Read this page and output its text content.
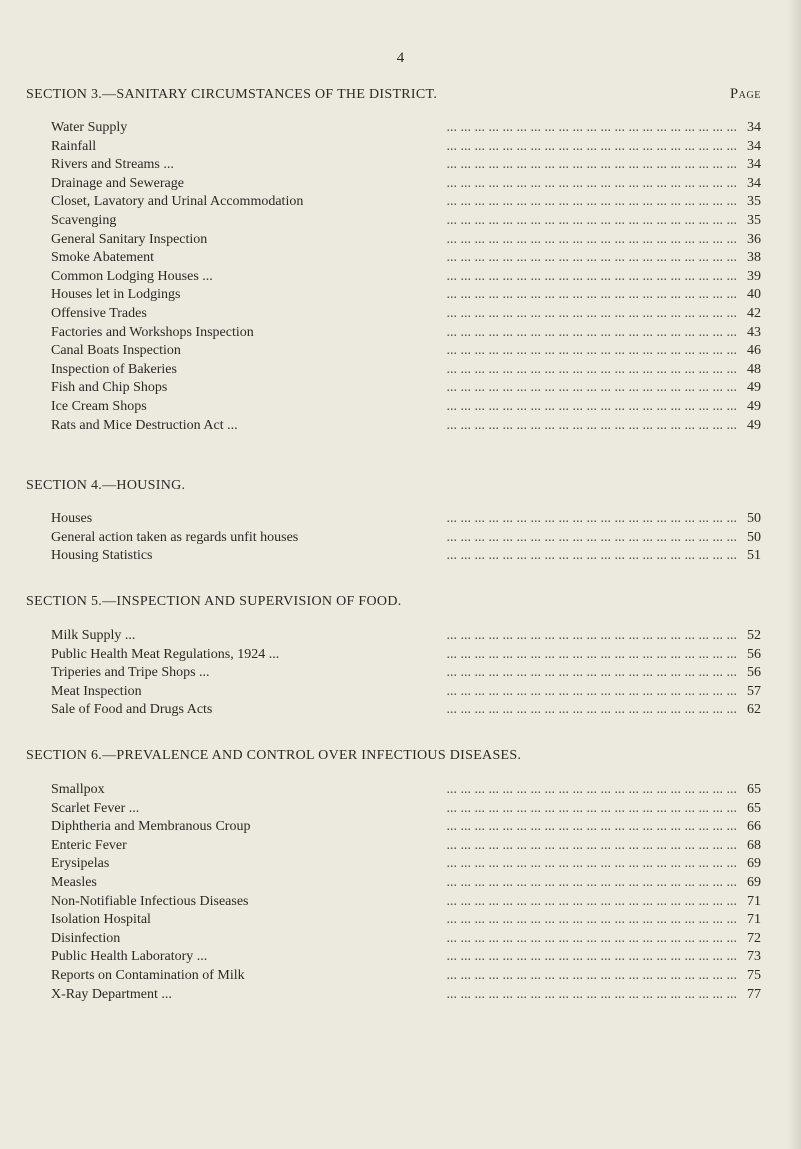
4
SECTION 3.—SANITARY CIRCUMSTANCES OF THE DISTRICT.	Page
... ... ... ... ... ... ... ... ... ... ... ... ... ... ... ... ... ... ... ... ...
Water Supply	34
... ... ... ... ... ... ... ... ... ... ... ... ... ... ... ... ... ... ... ... ...
Rainfall	34
... ... ... ... ... ... ... ... ... ... ... ... ... ... ... ... ... ... ... ... ...
Rivers and Streams ...	34
... ... ... ... ... ... ... ... ... ... ... ... ... ... ... ... ... ... ... ... ...
Drainage and Sewerage	34
... ... ... ... ... ... ... ... ... ... ... ... ... ... ... ... ... ... ... ... ...
Closet, Lavatory and Urinal Accommodation	35
... ... ... ... ... ... ... ... ... ... ... ... ... ... ... ... ... ... ... ... ...
Scavenging	35
... ... ... ... ... ... ... ... ... ... ... ... ... ... ... ... ... ... ... ... ...
General Sanitary Inspection	36
... ... ... ... ... ... ... ... ... ... ... ... ... ... ... ... ... ... ... ... ...
Smoke Abatement	38
... ... ... ... ... ... ... ... ... ... ... ... ... ... ... ... ... ... ... ... ...
Common Lodging Houses ...	39
... ... ... ... ... ... ... ... ... ... ... ... ... ... ... ... ... ... ... ... ...
Houses let in Lodgings	40
... ... ... ... ... ... ... ... ... ... ... ... ... ... ... ... ... ... ... ... ...
Offensive Trades	42
... ... ... ... ... ... ... ... ... ... ... ... ... ... ... ... ... ... ... ... ...
Factories and Workshops Inspection	43
... ... ... ... ... ... ... ... ... ... ... ... ... ... ... ... ... ... ... ... ...
Canal Boats Inspection	46
... ... ... ... ... ... ... ... ... ... ... ... ... ... ... ... ... ... ... ... ...
Inspection of Bakeries	48
... ... ... ... ... ... ... ... ... ... ... ... ... ... ... ... ... ... ... ... ...
Fish and Chip Shops	49
... ... ... ... ... ... ... ... ... ... ... ... ... ... ... ... ... ... ... ... ...
Ice Cream Shops	49
... ... ... ... ... ... ... ... ... ... ... ... ... ... ... ... ... ... ... ... ...
Rats and Mice Destruction Act ...	49
SECTION 4.—HOUSING.
... ... ... ... ... ... ... ... ... ... ... ... ... ... ... ... ... ... ... ... ...
Houses	50
... ... ... ... ... ... ... ... ... ... ... ... ... ... ... ... ... ... ... ... ...
General action taken as regards unfit houses	50
... ... ... ... ... ... ... ... ... ... ... ... ... ... ... ... ... ... ... ... ...
Housing Statistics	51
SECTION 5.—INSPECTION AND SUPERVISION OF FOOD.
... ... ... ... ... ... ... ... ... ... ... ... ... ... ... ... ... ... ... ... ...
Milk Supply ...	52
... ... ... ... ... ... ... ... ... ... ... ... ... ... ... ... ... ... ... ... ...
Public Health Meat Regulations, 1924 ...	56
... ... ... ... ... ... ... ... ... ... ... ... ... ... ... ... ... ... ... ... ...
Triperies and Tripe Shops ...	56
... ... ... ... ... ... ... ... ... ... ... ... ... ... ... ... ... ... ... ... ...
Meat Inspection	57
... ... ... ... ... ... ... ... ... ... ... ... ... ... ... ... ... ... ... ... ...
Sale of Food and Drugs Acts	62
SECTION 6.—PREVALENCE AND CONTROL OVER INFECTIOUS DISEASES.
... ... ... ... ... ... ... ... ... ... ... ... ... ... ... ... ... ... ... ... ...
Smallpox	65
... ... ... ... ... ... ... ... ... ... ... ... ... ... ... ... ... ... ... ... ...
Scarlet Fever ...	65
... ... ... ... ... ... ... ... ... ... ... ... ... ... ... ... ... ... ... ... ...
Diphtheria and Membranous Croup	66
... ... ... ... ... ... ... ... ... ... ... ... ... ... ... ... ... ... ... ... ...
Enteric Fever	68
... ... ... ... ... ... ... ... ... ... ... ... ... ... ... ... ... ... ... ... ...
Erysipelas	69
... ... ... ... ... ... ... ... ... ... ... ... ... ... ... ... ... ... ... ... ...
Measles	69
... ... ... ... ... ... ... ... ... ... ... ... ... ... ... ... ... ... ... ... ...
Non-Notifiable Infectious Diseases	71
... ... ... ... ... ... ... ... ... ... ... ... ... ... ... ... ... ... ... ... ...
Isolation Hospital	71
... ... ... ... ... ... ... ... ... ... ... ... ... ... ... ... ... ... ... ... ...
Disinfection	72
... ... ... ... ... ... ... ... ... ... ... ... ... ... ... ... ... ... ... ... ...
Public Health Laboratory ...	73
... ... ... ... ... ... ... ... ... ... ... ... ... ... ... ... ... ... ... ... ...
Reports on Contamination of Milk	75
... ... ... ... ... ... ... ... ... ... ... ... ... ... ... ... ... ... ... ... ...
X-Ray Department ...	77
